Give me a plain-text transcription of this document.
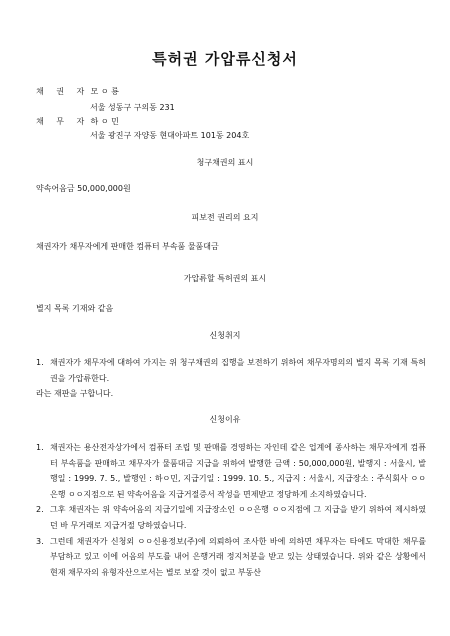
특허권 가압류신청서
채 권 자 모 ㅇ 룡
서울 성동구 구의동 231
채 무 자 하 ㅇ 민
서울 광진구 자양동 현대아파트 101동 204호
청구채권의 표시
약속어음금 50,000,000원
피보전 권리의 요지
채권자가 채무자에게 판매한 컴퓨터 부속품 물품대금
가압류할 특허권의 표시
별지 목록 기재와 같음
신청취지
1. 채권자가 채무자에 대하여 가지는 위 청구채권의 집행을 보전하기 위하여 채무자명의의 별지 목록 기재 특허권을 가압류한다.
라는 재판을 구합니다.
신청이유
1. 채권자는 용산전자상가에서 컴퓨터 조립 및 판매를 경영하는 자인데 같은 업계에 종사하는 채무자에게 컴퓨터 부속품을 판매하고 채무자가 물품대금 지급을 위하여 발행한 금액 : 50,000,000원, 발행지 : 서울시, 발행일 : 1999. 7. 5., 발행인 : 하ㅇ민, 지급기일 : 1999. 10. 5., 지급지 : 서울시, 지급장소 : 주식회사 ㅇㅇ은행 ㅇㅇ지점으로 된 약속어음을 지급거절증서 작성을 면제받고 정당하게 소지하였습니다.
2. 그후 채권자는 위 약속어음의 지급기일에 지급장소인 ㅇㅇ은행 ㅇㅇ지점에 그 지급을 받기 위하여 제시하였던 바 무거래로 지급거절 당하였습니다.
3. 그런데 채권자가 신청외 ㅇㅇ신용정보(주)에 의뢰하여 조사한 바에 의하면 채무자는 타에도 막대한 채무를 부담하고 있고 이에 어음의 부도를 내어 은행거래 정지처분을 받고 있는 상태였습니다. 위와 같은 상황에서 현재 채무자의 유형자산으로서는 별로 보잘 것이 없고 부동산
